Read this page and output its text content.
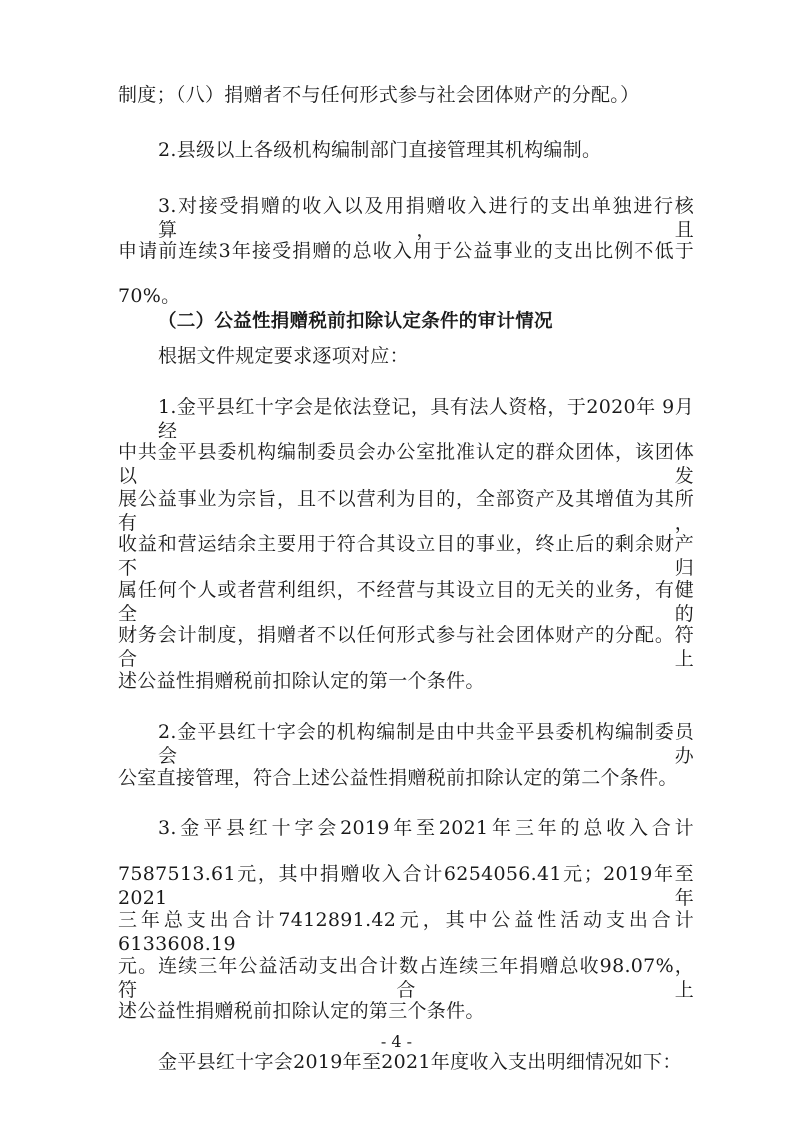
制度；（八）捐赠者不与任何形式参与社会团体财产的分配。）
2.县级以上各级机构编制部门直接管理其机构编制。
3.对接受捐赠的收入以及用捐赠收入进行的支出单独进行核算，且
申请前连续3年接受捐赠的总收入用于公益事业的支出比例不低于
70%。
（二）公益性捐赠税前扣除认定条件的审计情况
根据文件规定要求逐项对应：
1.金平县红十字会是依法登记，具有法人资格，于2020年 9月经
中共金平县委机构编制委员会办公室批准认定的群众团体，该团体以发
展公益事业为宗旨，且不以营利为目的，全部资产及其增值为其所有，
收益和营运结余主要用于符合其设立目的事业，终止后的剩余财产不归
属任何个人或者营利组织，不经营与其设立目的无关的业务，有健全的
财务会计制度，捐赠者不以任何形式参与社会团体财产的分配。符合上
述公益性捐赠税前扣除认定的第一个条件。
2.金平县红十字会的机构编制是由中共金平县委机构编制委员会办
公室直接管理，符合上述公益性捐赠税前扣除认定的第二个条件。
3.金平县红十字会2019年至2021年三年的总收入合计
7587513.61元，其中捐赠收入合计6254056.41元；2019年至2021年
三年总支出合计7412891.42元，其中公益性活动支出合计6133608.19
元。连续三年公益活动支出合计数占连续三年捐赠总收98.07%，符合上
述公益性捐赠税前扣除认定的第三个条件。
金平县红十字会2019年至2021年度收入支出明细情况如下：
- 4 -
